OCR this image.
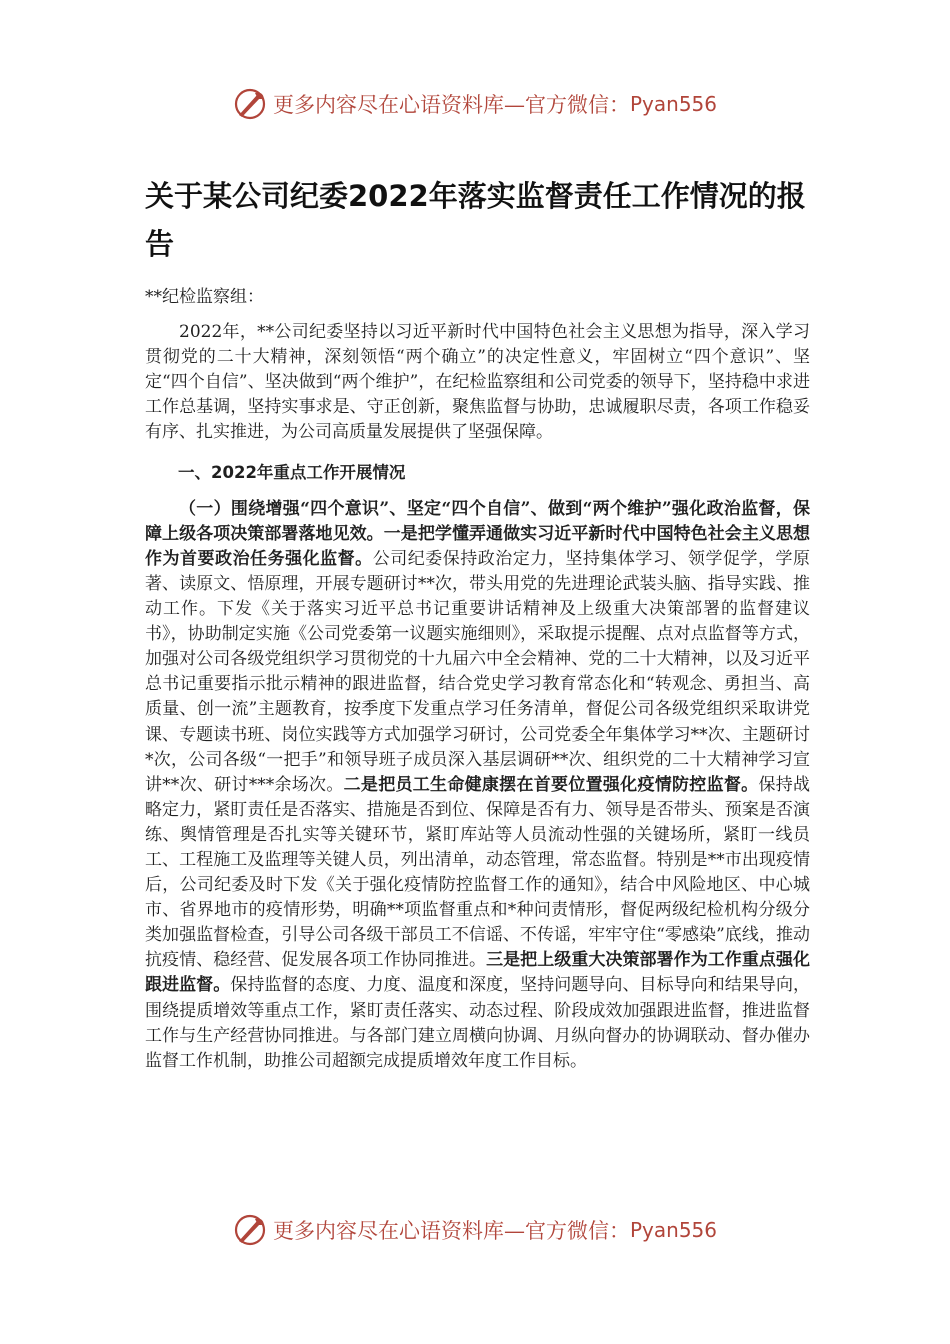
更多内容尽在心语资料库—官方微信： Pyan556
关于某公司纪委2022年落实监督责任工作情况的报告

**纪检监察组：

2022年，**公司纪委坚持以习近平新时代中国特色社会主义思想为指导，深入学习贯彻党的二十大精神，深刻领悟“两个确立”的决定性意义，牢固树立“四个意识”、坚定“四个自信”、坚决做到“两个维护”，在纪检监察组和公司党委的领导下，坚持稳中求进工作总基调，坚持实事求是、守正创新，聚焦监督与协助，忠诚履职尽责，各项工作稳妥有序、扎实推进，为公司高质量发展提供了坚强保障。

一、2022年重点工作开展情况

（一）围绕增强“四个意识”、坚定“四个自信”、做到“两个维护”强化政治监督，保障上级各项决策部署落地见效。一是把学懂弄通做实习近平新时代中国特色社会主义思想作为首要政治任务强化监督。公司纪委保持政治定力，坚持集体学习、领学促学，学原著、读原文、悟原理，开展专题研讨**次，带头用党的先进理论武装头脑、指导实践、推动工作。下发《关于落实习近平总书记重要讲话精神及上级重大决策部署的监督建议书》，协助制定实施《公司党委第一议题实施细则》，采取提示提醒、点对点监督等方式，加强对公司各级党组织学习贯彻党的十九届六中全会精神、党的二十大精神，以及习近平总书记重要指示批示精神的跟进监督，结合党史学习教育常态化和“转观念、勇担当、高质量、创一流”主题教育，按季度下发重点学习任务清单，督促公司各级党组织采取讲党课、专题读书班、岗位实践等方式加强学习研讨，公司党委全年集体学习**次、主题研讨*次，公司各级“一把手”和领导班子成员深入基层调研**次、组织党的二十大精神学习宣讲**次、研讨***余场次。二是把员工生命健康摆在首要位置强化疫情防控监督。保持战略定力，紧盯责任是否落实、措施是否到位、保障是否有力、领导是否带头、预案是否演练、舆情管理是否扎实等关键环节，紧盯库站等人员流动性强的关键场所，紧盯一线员工、工程施工及监理等关键人员，列出清单，动态管理，常态监督。特别是**市出现疫情后，公司纪委及时下发《关于强化疫情防控监督工作的通知》，结合中风险地区、中心城市、省界地市的疫情形势，明确**项监督重点和*种问责情形，督促两级纪检机构分级分类加强监督检查，引导公司各级干部员工不信谣、不传谣，牢牢守住“零感染”底线，推动抗疫情、稳经营、促发展各项工作协同推进。三是把上级重大决策部署作为工作重点强化跟进监督。保持监督的态度、力度、温度和深度，坚持问题导向、目标导向和结果导向，围绕提质增效等重点工作，紧盯责任落实、动态过程、阶段成效加强跟进监督，推进监督工作与生产经营协同推进。与各部门建立周横向协调、月纵向督办的协调联动、督办催办监督工作机制，助推公司超额完成提质增效年度工作目标。

更多内容尽在心语资料库—官方微信： Pyan556
